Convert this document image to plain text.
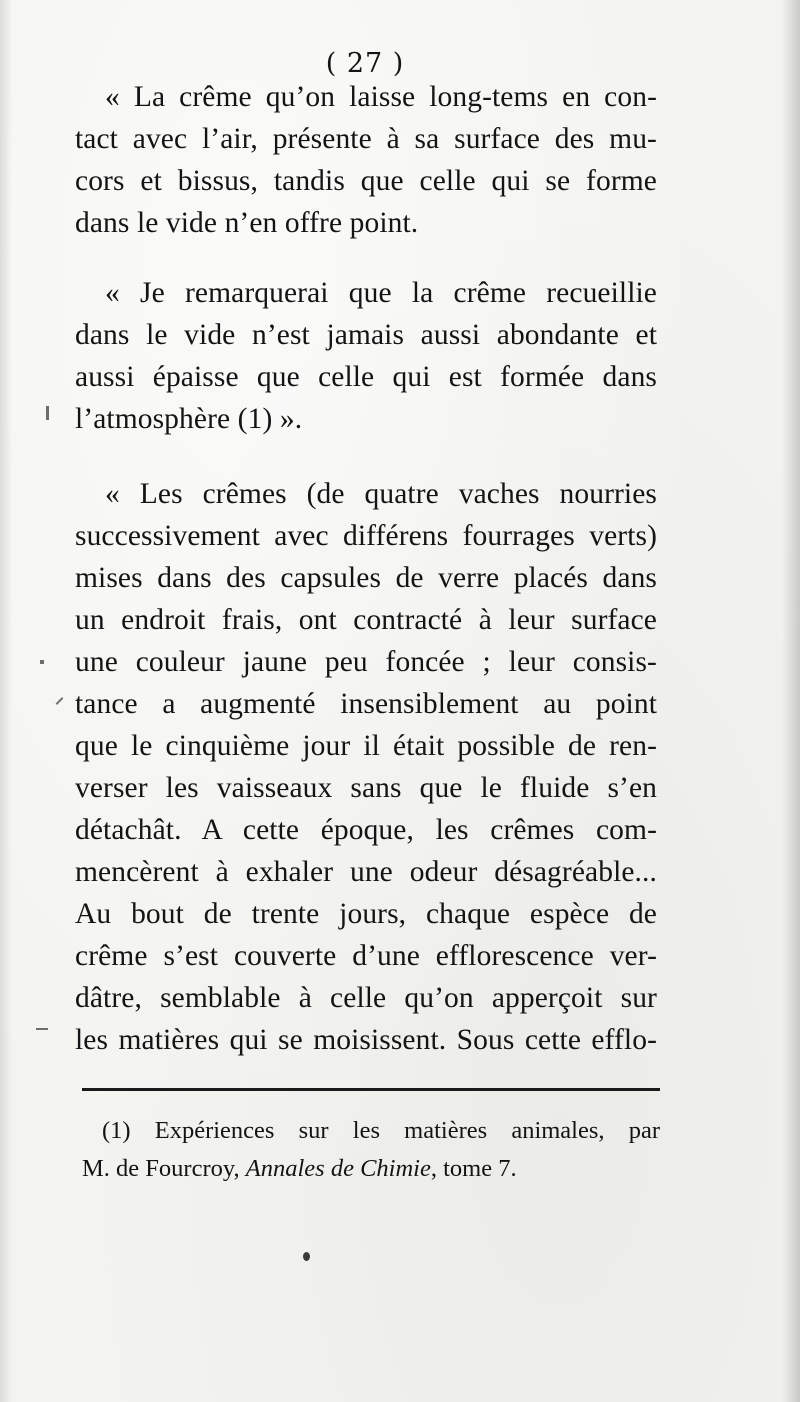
( 27 )
« La crême qu’on laisse long-tems en con-
tact avec l’air, présente à sa surface des mu-
cors et bissus, tandis que celle qui se forme
dans le vide n’en offre point.
« Je remarquerai que la crême recueillie
dans le vide n’est jamais aussi abondante et
aussi épaisse que celle qui est formée dans
l’atmosphère (1) ».
« Les crêmes (de quatre vaches nourries
successivement avec différens fourrages verts)
mises dans des capsules de verre placés dans
un endroit frais, ont contracté à leur surface
une couleur jaune peu foncée ; leur consis-
tance a augmenté insensiblement au point
que le cinquième jour il était possible de ren-
verser les vaisseaux sans que le fluide s’en
détachât. A cette époque, les crêmes com-
mencèrent à exhaler une odeur désagréable...
Au bout de trente jours, chaque espèce de
crême s’est couverte d’une efflorescence ver-
dâtre, semblable à celle qu’on apperçoit sur
les matières qui se moisissent. Sous cette efflo-
(1) Expériences sur les matières animales, par
M. de Fourcroy, Annales de Chimie, tome 7.
